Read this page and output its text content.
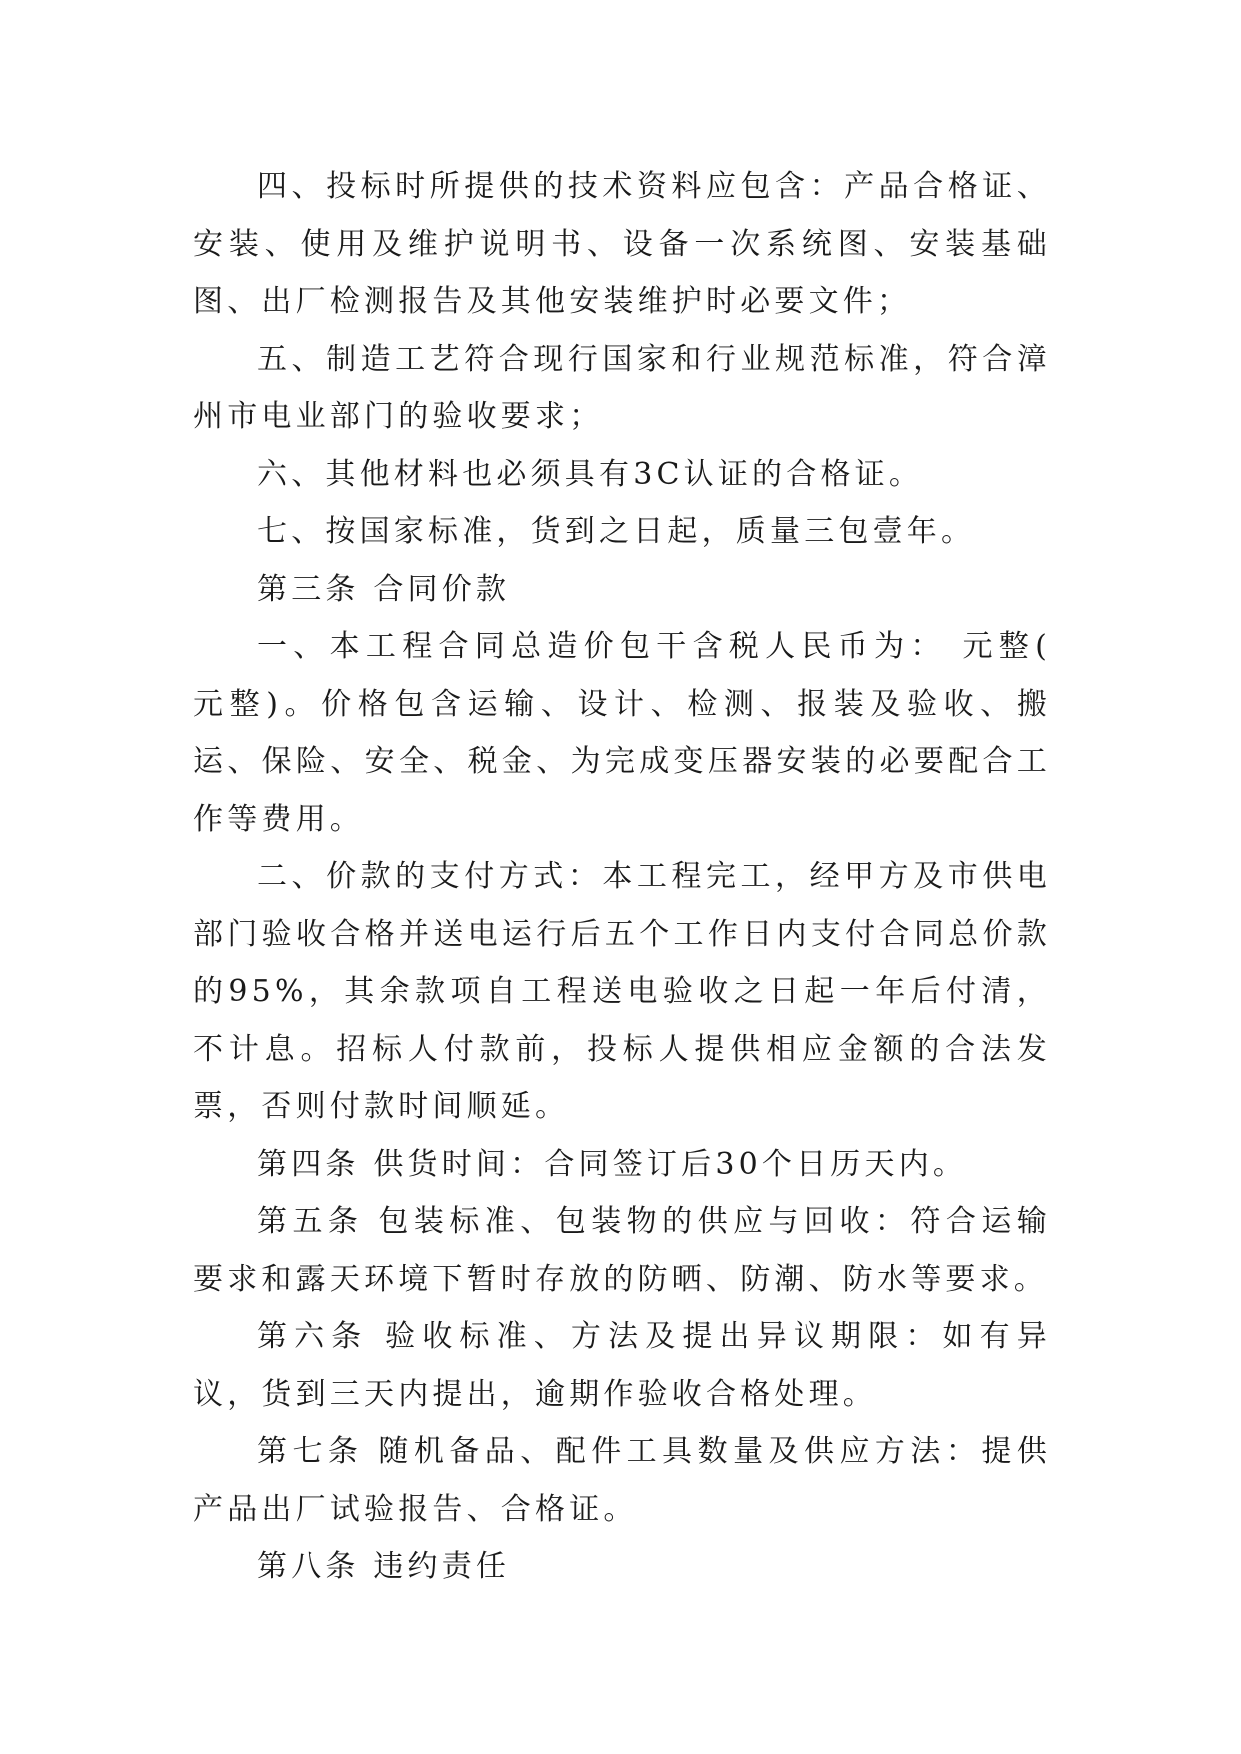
四、投标时所提供的技术资料应包含：产品合格证、安装、使用及维护说明书、设备一次系统图、安装基础图、出厂检测报告及其他安装维护时必要文件；

五、制造工艺符合现行国家和行业规范标准，符合漳州市电业部门的验收要求；

六、其他材料也必须具有3C认证的合格证。

七、按国家标准，货到之日起，质量三包壹年。

第三条 合同价款

一、本工程合同总造价包干含税人民币为： 元整( 元整)。价格包含运输、设计、检测、报装及验收、搬运、保险、安全、税金、为完成变压器安装的必要配合工作等费用。

二、价款的支付方式：本工程完工，经甲方及市供电部门验收合格并送电运行后五个工作日内支付合同总价款的95%，其余款项自工程送电验收之日起一年后付清，不计息。招标人付款前，投标人提供相应金额的合法发票，否则付款时间顺延。

第四条 供货时间：合同签订后30个日历天内。

第五条 包装标准、包装物的供应与回收：符合运输要求和露天环境下暂时存放的防晒、防潮、防水等要求。

第六条 验收标准、方法及提出异议期限：如有异议，货到三天内提出，逾期作验收合格处理。

第七条 随机备品、配件工具数量及供应方法：提供产品出厂试验报告、合格证。

第八条 违约责任
